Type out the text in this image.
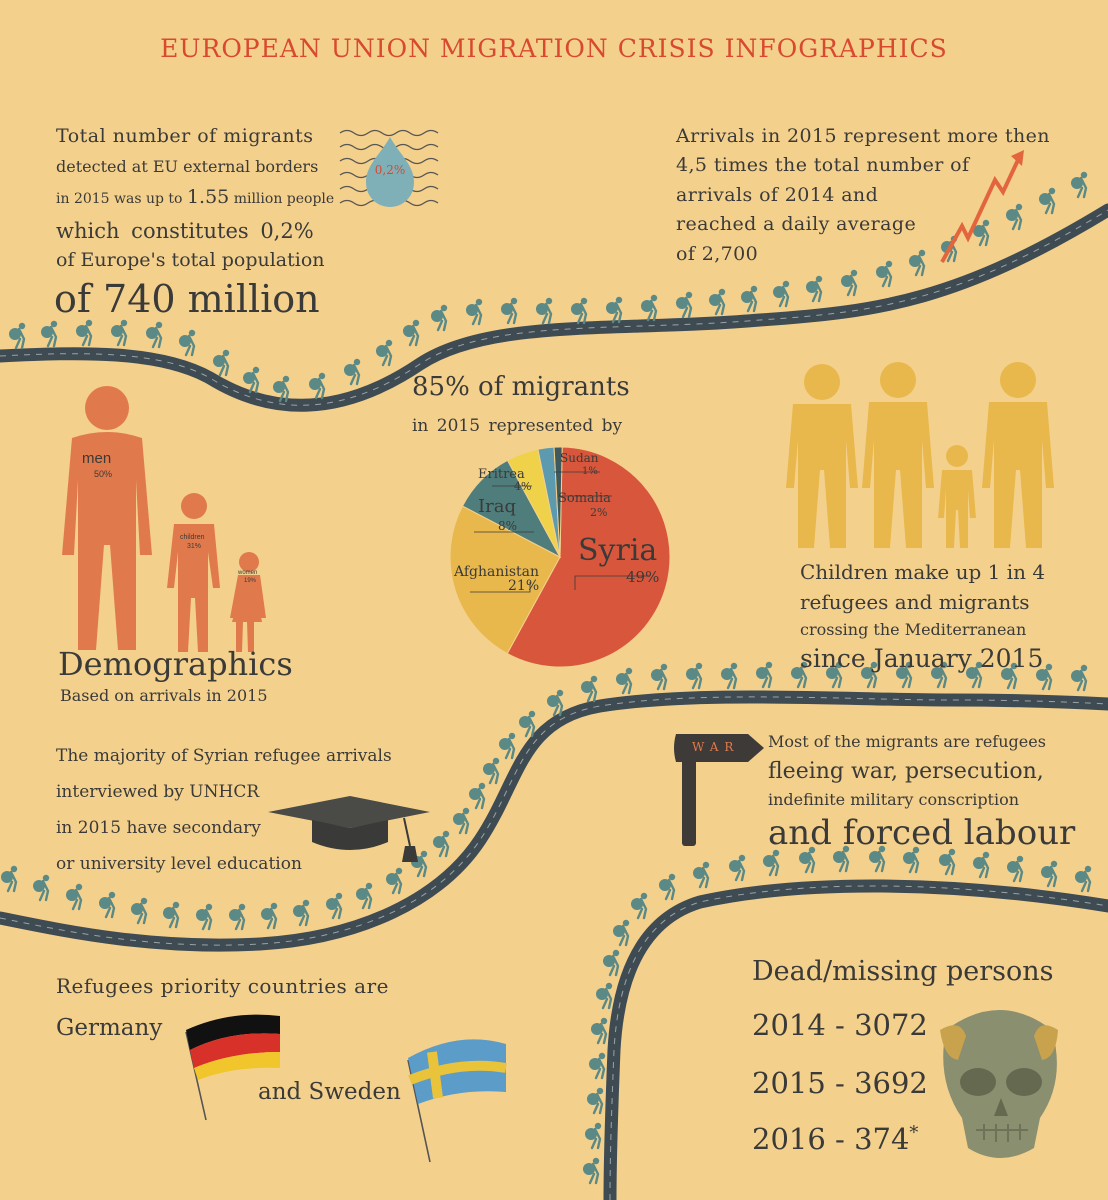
EUROPEAN UNION MIGRATION CRISIS INFOGRAPHICS
Total number of migrants
detected at EU external borders
in 2015 was up to 1.55 million people
which constitutes 0,2%
of Europe's total population
of 740 million
0,2%
Arrivals in 2015 represent more then
4,5 times the total number of
arrivals of 2014 and
reached a daily average
of 2,700
men
50%
children
31%
women
19%
Demographics
Based on arrivals in 2015
85% of migrants
in 2015 represented by
Syria
49%
Afghanistan
21%
Iraq
8%
Eritrea
4%
Somalia
2%
Sudan
1%
Children make up 1 in 4
refugees and migrants
crossing the Mediterranean
since January 2015
The majority of Syrian refugee arrivals
interviewed by UNHCR
in 2015 have secondary
or university level education
WAR Most of the migrants are refugees
fleeing war, persecution,
indefinite military conscription
and forced labour
Refugees priority countries are
Germany
and Sweden
Dead/missing persons
2014 - 3072
2015 - 3692
2016 - 374*
